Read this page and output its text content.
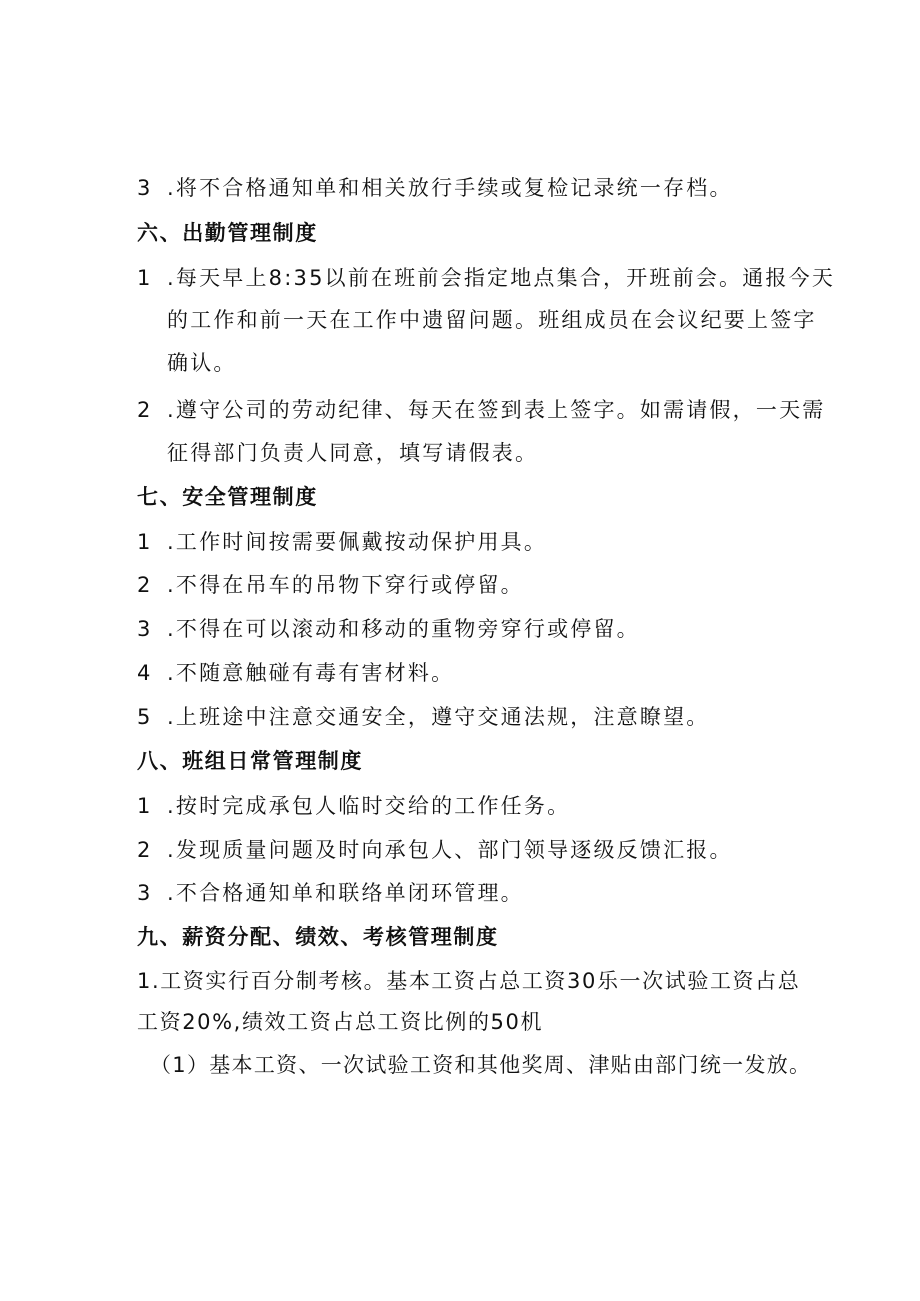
3 .将不合格通知单和相关放行手续或复检记录统一存档。
六、出勤管理制度
1 .每天早上8:35以前在班前会指定地点集合，开班前会。通报今天
的工作和前一天在工作中遗留问题。班组成员在会议纪要上签字
确认。
2 .遵守公司的劳动纪律、每天在签到表上签字。如需请假，一天需
征得部门负责人同意，填写请假表。
七、安全管理制度
1 .工作时间按需要佩戴按动保护用具。
2 .不得在吊车的吊物下穿行或停留。
3 .不得在可以滚动和移动的重物旁穿行或停留。
4 .不随意触碰有毒有害材料。
5 .上班途中注意交通安全，遵守交通法规，注意瞭望。
八、班组日常管理制度
1 .按时完成承包人临时交给的工作任务。
2 .发现质量问题及时向承包人、部门领导逐级反馈汇报。
3 .不合格通知单和联络单闭环管理。
九、薪资分配、绩效、考核管理制度
1.工资实行百分制考核。基本工资占总工资30乐一次试验工资占总
工资20%,绩效工资占总工资比例的50机
（1）基本工资、一次试验工资和其他奖周、津贴由部门统一发放。
